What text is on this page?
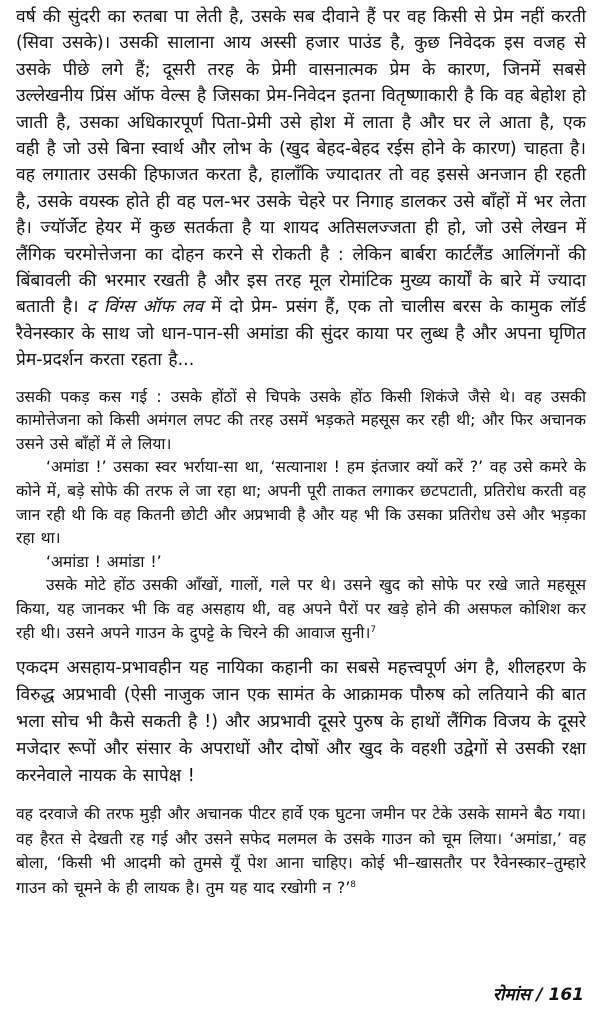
वर्ष की सुंदरी का रुतबा पा लेती है, उसके सब दीवाने हैं पर वह किसी से प्रेम नहीं करती (सिवा उसके)। उसकी सालाना आय अस्सी हजार पाउंड है, कुछ निवेदक इस वजह से उसके पीछे लगे हैं; दूसरी तरह के प्रेमी वासनात्मक प्रेम के कारण, जिनमें सबसे उल्लेखनीय प्रिंस ऑफ वेल्स है जिसका प्रेम-निवेदन इतना वितृष्णाकारी है कि वह बेहोश हो जाती है, उसका अधिकारपूर्ण पिता-प्रेमी उसे होश में लाता है और घर ले आता है, एक वही है जो उसे बिना स्वार्थ और लोभ के (खुद बेहद-बेहद रईस होने के कारण) चाहता है। वह लगातार उसकी हिफाजत करता है, हालाँकि ज्यादातर तो वह इससे अनजान ही रहती है, उसके वयस्क होते ही वह पल-भर उसके चेहरे पर निगाह डालकर उसे बाँहों में भर लेता है। ज्यॉर्जेट हेयर में कुछ सतर्कता है या शायद अतिसलज्जता ही हो, जो उसे लेखन में लैंगिक चरमोत्तेजना का दोहन करने से रोकती है : लेकिन बार्बरा कार्टलैंड आलिंगनों की बिंबावली की भरमार रखती है और इस तरह मूल रोमांटिक मुख्य कार्यों के बारे में ज्यादा बताती है। द विंग्स ऑफ लव में दो प्रेम- प्रसंग हैं, एक तो चालीस बरस के कामुक लॉर्ड रैवेनस्कार के साथ जो धान-पान-सी अमांडा की सुंदर काया पर लुब्ध है और अपना घृणित प्रेम-प्रदर्शन करता रहता है...

उसकी पकड़ कस गई : उसके होंठों से चिपके उसके होंठ किसी शिकंजे जैसे थे। वह उसकी कामोत्तेजना को किसी अमंगल लपट की तरह उसमें भड़कते महसूस कर रही थी; और फिर अचानक उसने उसे बाँहों में ले लिया।

‘अमांडा !’ उसका स्वर भर्राया-सा था, ‘सत्यानाश ! हम इंतजार क्यों करें ?’ वह उसे कमरे के कोने में, बड़े सोफे की तरफ ले जा रहा था; अपनी पूरी ताकत लगाकर छटपटाती, प्रतिरोध करती वह जान रही थी कि वह कितनी छोटी और अप्रभावी है और यह भी कि उसका प्रतिरोध उसे और भड़का रहा था।

‘अमांडा ! अमांडा !’

उसके मोटे होंठ उसकी आँखों, गालों, गले पर थे। उसने खुद को सोफे पर रखे जाते महसूस किया, यह जानकर भी कि वह असहाय थी, वह अपने पैरों पर खड़े होने की असफल कोशिश कर रही थी। उसने अपने गाउन के दुपट्टे के चिरने की आवाज सुनी।$^7$

एकदम असहाय-प्रभावहीन यह नायिका कहानी का सबसे महत्त्वपूर्ण अंग है, शीलहरण के विरुद्ध अप्रभावी (ऐसी नाजुक जान एक सामंत के आक्रामक पौरुष को लतियाने की बात भला सोच भी कैसे सकती है !) और अप्रभावी दूसरे पुरुष के हाथों लैंगिक विजय के दूसरे मजेदार रूपों और संसार के अपराधों और दोषों और खुद के वहशी उद्वेगों से उसकी रक्षा करनेवाले नायक के सापेक्ष !

वह दरवाजे की तरफ मुड़ी और अचानक पीटर हार्वे एक घुटना जमीन पर टेके उसके सामने बैठ गया। वह हैरत से देखती रह गई और उसने सफेद मलमल के उसके गाउन को चूम लिया। ‘अमांडा,’ वह बोला, ‘किसी भी आदमी को तुमसे यूँ पेश आना चाहिए। कोई भी–खासतौर पर रैवेनस्कार–तुम्हारे गाउन को चूमने के ही लायक है। तुम यह याद रखोगी न ?’$^8$

रोमांस / 161
